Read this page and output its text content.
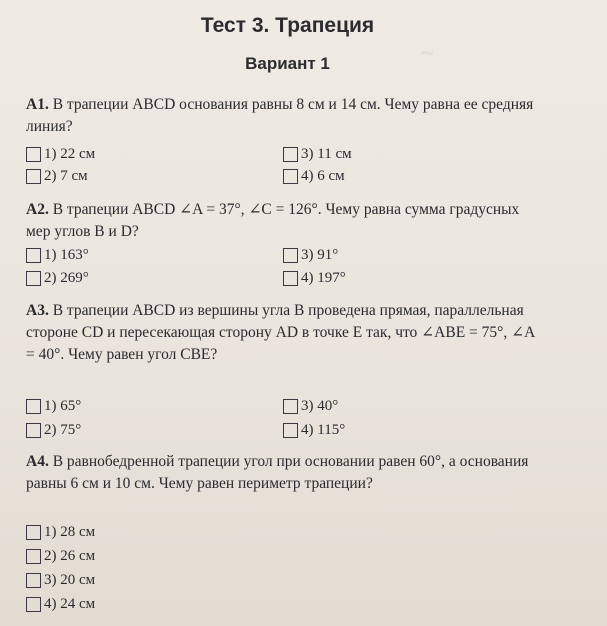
~
Тест 3. Трапеция
Вариант 1
A1. В трапеции ABCD основания равны 8 см и 14 см. Чему равна ее средняя линия?
1) 22 см	3) 11 см
2) 7 см	4) 6 см
A2. В трапеции ABCD ∠A = 37°, ∠C = 126°. Чему равна сумма градусных мер углов B и D?
1) 163°	3) 91°
2) 269°	4) 197°
A3. В трапеции ABCD из вершины угла B проведена прямая, параллельная стороне CD и пересекающая сторону AD в точке E так, что ∠ABE = 75°, ∠A = 40°. Чему равен угол CBE?
1) 65°	3) 40°
2) 75°	4) 115°
A4. В равнобедренной трапеции угол при основании равен 60°, а основания равны 6 см и 10 см. Чему равен периметр трапеции?
1) 28 см
2) 26 см
3) 20 см
4) 24 см
